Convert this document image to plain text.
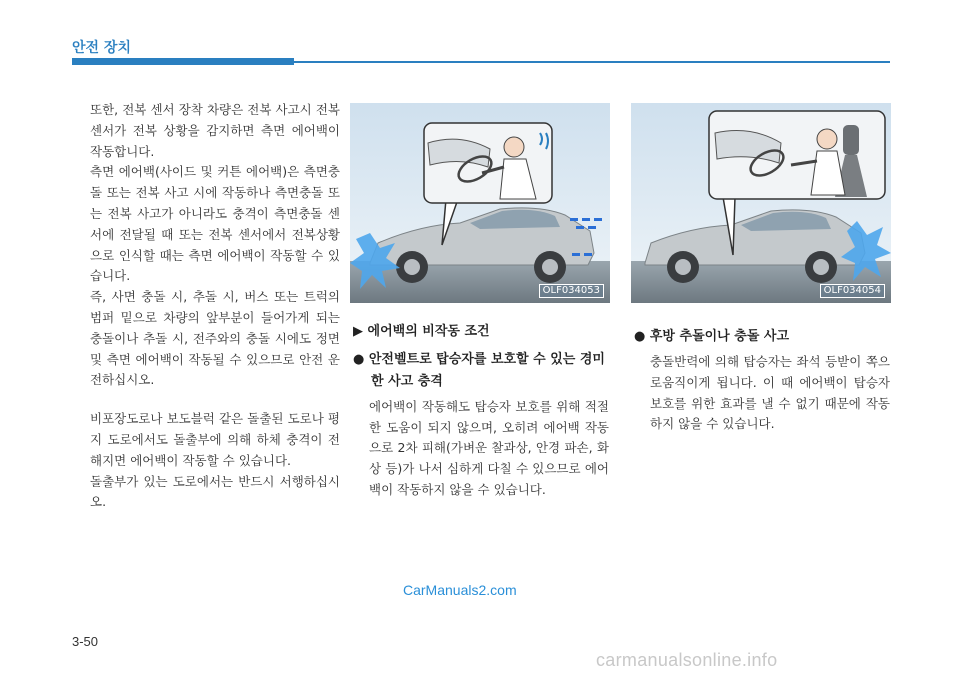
안전 장치

또한, 전복 센서 장착 차량은 전복 사고시 전복 센서가 전복 상황을 감지하면 측면 에어백이 작동합니다.

측면 에어백(사이드 및 커튼 에어백)은 측면충돌 또는 전복 사고 시에 작동하나 측면충돌 또는 전복 사고가 아니라도 충격이 측면충돌 센서에 전달될 때 또는 전복 센서에서 전복상황으로 인식할 때는 측면 에어백이 작동할 수 있습니다.

즉, 사면 충돌 시, 추돌 시, 버스 또는 트럭의 범퍼 밑으로 차량의 앞부분이 들어가게 되는 충돌이나 추돌 시, 전주와의 충돌 시에도 정면 및 측면 에어백이 작동될 수 있으므로 안전 운전하십시오.

비포장도로나 보도블럭 같은 돌출된 도로나 평지 도로에서도 돌출부에 의해 하체 충격이 전해지면 에어백이 작동할 수 있습니다.

돌출부가 있는 도로에서는 반드시 서행하십시오.

OLF034053	OLF034054
▶ 에어백의 비작동 조건
● 안전벨트로 탑승자를 보호할 수 있는 경미한 사고 충격
에어백이 작동해도 탑승자 보호를 위해 적절한 도움이 되지 않으며, 오히려 에어백 작동으로 2차 피해(가벼운 찰과상, 안경 파손, 화상 등)가 나서 심하게 다칠 수 있으므로 에어백이 작동하지 않을 수 있습니다.
● 후방 추돌이나 충돌 사고
충돌반력에 의해 탑승자는 좌석 등받이 쪽으로움직이게 됩니다. 이 때 에어백이 탑승자 보호를 위한 효과를 낼 수 없기 때문에 작동하지 않을 수 있습니다.
CarManuals2.com
3-50
carmanualsonline.info
